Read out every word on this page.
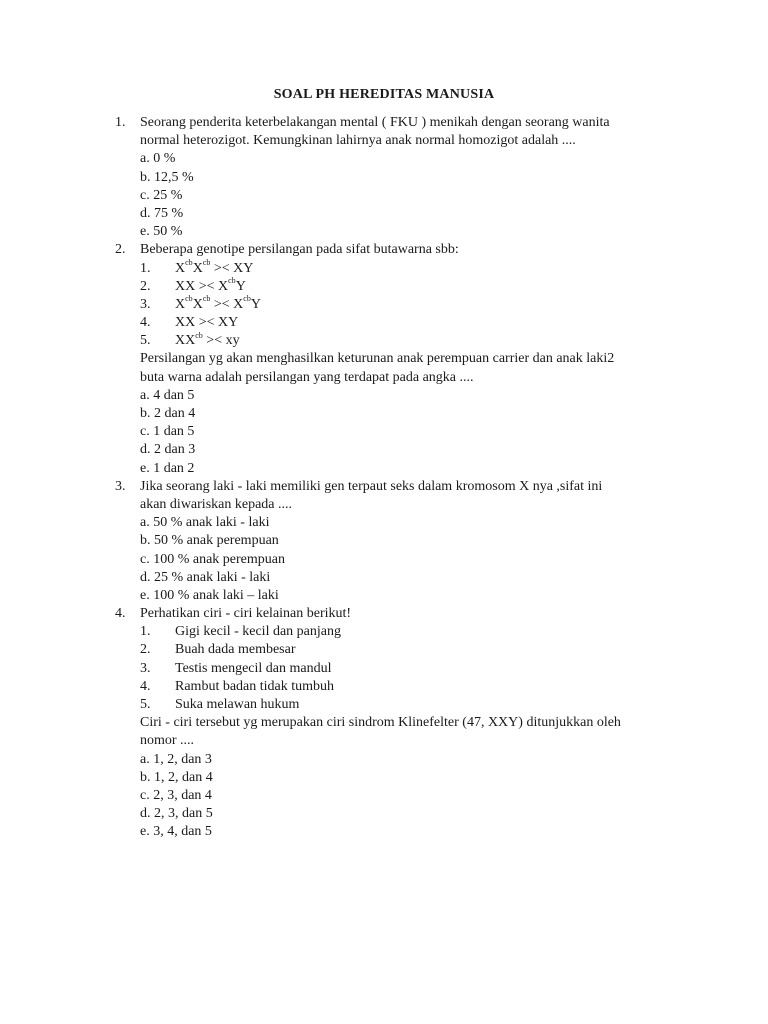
SOAL PH HEREDITAS MANUSIA
1. Seorang penderita keterbelakangan mental ( FKU ) menikah dengan seorang wanita
normal heterozigot. Kemungkinan lahirnya anak normal homozigot adalah ....
a. 0 %
b. 12,5 %
c. 25 %
d. 75 %
e. 50 %
2. Beberapa genotipe persilangan pada sifat butawarna sbb:
1. $X^{cb}X^{cb}$ >< XY
2. XX >< $X^{cb}Y$
3. $X^{cb}X^{cb} >< X^{cb}Y$
4. XX >< XY
5. $XX^{cb}$ >< xy
Persilangan yg akan menghasilkan keturunan anak perempuan carrier dan anak laki2
buta warna adalah persilangan yang terdapat pada angka ....
a. 4 dan 5
b. 2 dan 4
c. 1 dan 5
d. 2 dan 3
e. 1 dan 2
3. Jika seorang laki - laki memiliki gen terpaut seks dalam kromosom X nya ,sifat ini
akan diwariskan kepada ....
a. 50 % anak laki - laki
b. 50 % anak perempuan
c. 100 % anak perempuan
d. 25 % anak laki - laki
e. 100 % anak laki – laki
4. Perhatikan ciri - ciri kelainan berikut!
1. Gigi kecil - kecil dan panjang
2. Buah dada membesar
3. Testis mengecil dan mandul
4. Rambut badan tidak tumbuh
5. Suka melawan hukum
Ciri - ciri tersebut yg merupakan ciri sindrom Klinefelter (47, XXY) ditunjukkan oleh
nomor ....
a. 1, 2, dan 3
b. 1, 2, dan 4
c. 2, 3, dan 4
d. 2, 3, dan 5
e. 3, 4, dan 5
